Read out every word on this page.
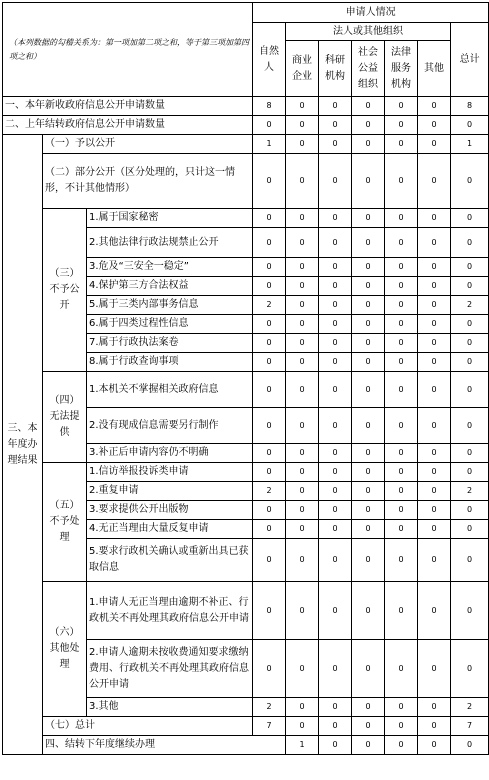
（本列数据的勾稽关系为：第一项加第二项之和，等于第三项加第四项之和）			申请人情况							
			自然人	法人或其他组织					总计	
				商业企业	科研机构	社会公益组织	法律服务机构	其他		
一、本年新收政府信息公开申请数量			8	0	0	0	0	0	8	
二、上年结转政府信息公开申请数量			0	0	0	0	0	0	0	
三、本年度办理结果	（一）予以公开		1	0	0	0	0	0	1	
	（二）部分公开（区分处理的，只计这一情形，不计其他情形）		0	0	0	0	0	0	0	
	（三）不予公开	1.属于国家秘密	0	0	0	0	0	0	0	
		2.其他法律行政法规禁止公开	0	0	0	0	0	0	0	
		3.危及“三安全一稳定”	0	0	0	0	0	0	0	
		4.保护第三方合法权益	0	0	0	0	0	0	0	
		5.属于三类内部事务信息	2	0	0	0	0	0	2	
		6.属于四类过程性信息	0	0	0	0	0	0	0	
		7.属于行政执法案卷	0	0	0	0	0	0	0	
		8.属于行政查询事项	0	0	0	0	0	0	0	
	（四）无法提供	1.本机关不掌握相关政府信息	0	0	0	0	0	0	0	
		2.没有现成信息需要另行制作	0	0	0	0	0	0	0	
		3.补正后申请内容仍不明确	0	0	0	0	0	0	0	
	（五）不予处理	1.信访举报投诉类申请	0	0	0	0	0	0	0	
		2.重复申请	2	0	0	0	0	0	2	
		3.要求提供公开出版物	0	0	0	0	0	0	0	
		4.无正当理由大量反复申请	0	0	0	0	0	0	0	
		5.要求行政机关确认或重新出具已获取信息	0	0	0	0	0	0	0	
	（六）其他处理	1.申请人无正当理由逾期不补正、行政机关不再处理其政府信息公开申请	0	0	0	0	0	0	0	
		2.申请人逾期未按收费通知要求缴纳费用、行政机关不再处理其政府信息公开申请	0	0	0	0	0	0	0	
		3.其他	2	0	0	0	0	0	2	
	（七）总计		7	0	0	0	0	0	7	
	四、结转下年度继续办理			1	0	0	0	0	0	
